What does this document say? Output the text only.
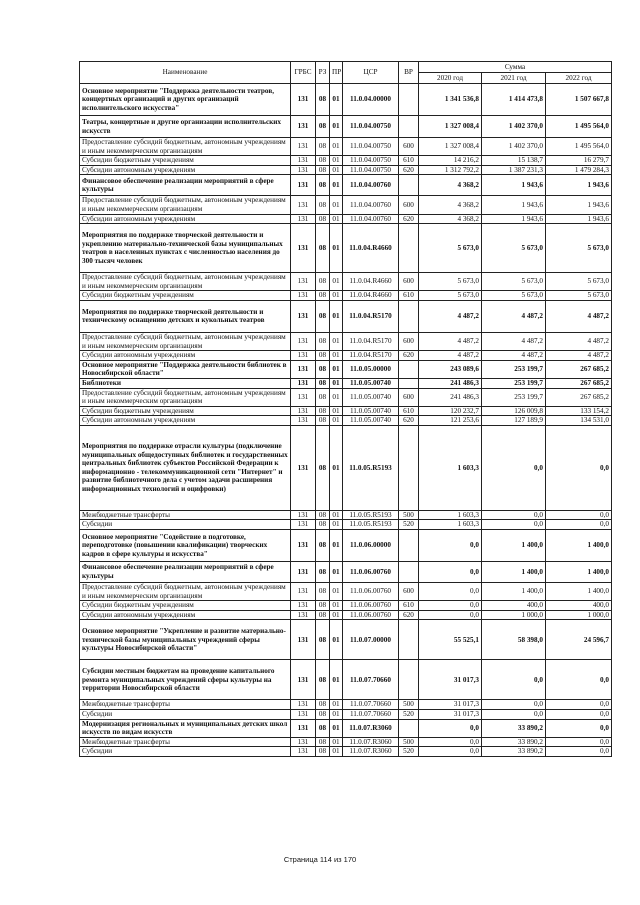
Наименование	ГРБС	РЗ	ПР	ЦСР	ВР	Сумма		
						2020 год	2021 год	2022 год
Основное мероприятие "Поддержка деятельности театров, концертных организаций и других организаций исполнительского искусства"	131	08	01	11.0.04.00000		1 341 536,8	1 414 473,8	1 507 667,8
Театры, концертные и другие организации исполнительских искусств	131	08	01	11.0.04.00750		1 327 008,4	1 402 370,0	1 495 564,0
Предоставление субсидий бюджетным, автономным учреждениям и иным некоммерческим организациям	131	08	01	11.0.04.00750	600	1 327 008,4	1 402 370,0	1 495 564,0
Субсидии бюджетным учреждениям	131	08	01	11.0.04.00750	610	14 216,2	15 138,7	16 279,7
Субсидии автономным учреждениям	131	08	01	11.0.04.00750	620	1 312 792,2	1 387 231,3	1 479 284,3
Финансовое обеспечение реализации мероприятий в сфере культуры	131	08	01	11.0.04.00760		4 368,2	1 943,6	1 943,6
Предоставление субсидий бюджетным, автономным учреждениям и иным некоммерческим организациям	131	08	01	11.0.04.00760	600	4 368,2	1 943,6	1 943,6
Субсидии автономным учреждениям	131	08	01	11.0.04.00760	620	4 368,2	1 943,6	1 943,6
Мероприятия по поддержке творческой деятельности и укреплению материально-технической базы муниципальных театров в населенных пунктах с численностью населения до 300 тысяч человек	131	08	01	11.0.04.R4660		5 673,0	5 673,0	5 673,0
Предоставление субсидий бюджетным, автономным учреждениям и иным некоммерческим организациям	131	08	01	11.0.04.R4660	600	5 673,0	5 673,0	5 673,0
Субсидии бюджетным учреждениям	131	08	01	11.0.04.R4660	610	5 673,0	5 673,0	5 673,0
Мероприятия по поддержке творческой деятельности и техническому оснащению детских и кукольных театров	131	08	01	11.0.04.R5170		4 487,2	4 487,2	4 487,2
Предоставление субсидий бюджетным, автономным учреждениям и иным некоммерческим организациям	131	08	01	11.0.04.R5170	600	4 487,2	4 487,2	4 487,2
Субсидии автономным учреждениям	131	08	01	11.0.04.R5170	620	4 487,2	4 487,2	4 487,2
Основное мероприятие "Поддержка деятельности библиотек в Новосибирской области"	131	08	01	11.0.05.00000		243 089,6	253 199,7	267 685,2
Библиотеки	131	08	01	11.0.05.00740		241 486,3	253 199,7	267 685,2
Предоставление субсидий бюджетным, автономным учреждениям и иным некоммерческим организациям	131	08	01	11.0.05.00740	600	241 486,3	253 199,7	267 685,2
Субсидии бюджетным учреждениям	131	08	01	11.0.05.00740	610	120 232,7	126 009,8	133 154,2
Субсидии автономным учреждениям	131	08	01	11.0.05.00740	620	121 253,6	127 189,9	134 531,0
Мероприятия по поддержке отрасли культуры (подключение муниципальных общедоступных библиотек и государственных центральных библиотек субъектов Российской Федерации к информационно - телекоммуникационной сети "Интернет" и развитие библиотечного дела с учетом задачи расширения информационных технологий и оцифровки)	131	08	01	11.0.05.R5193		1 603,3	0,0	0,0
Межбюджетные трансферты	131	08	01	11.0.05.R5193	500	1 603,3	0,0	0,0
Субсидии	131	08	01	11.0.05.R5193	520	1 603,3	0,0	0,0
Основное мероприятие "Содействие в подготовке, переподготовке (повышении квалификации) творческих кадров в сфере культуры и искусства"	131	08	01	11.0.06.00000		0,0	1 400,0	1 400,0
Финансовое обеспечение реализации мероприятий в сфере культуры	131	08	01	11.0.06.00760		0,0	1 400,0	1 400,0
Предоставление субсидий бюджетным, автономным учреждениям и иным некоммерческим организациям	131	08	01	11.0.06.00760	600	0,0	1 400,0	1 400,0
Субсидии бюджетным учреждениям	131	08	01	11.0.06.00760	610	0,0	400,0	400,0
Субсидии автономным учреждениям	131	08	01	11.0.06.00760	620	0,0	1 000,0	1 000,0
Основное мероприятие "Укрепление и развитие материально-технической базы муниципальных учреждений сферы культуры Новосибирской области"	131	08	01	11.0.07.00000		55 525,1	58 398,0	24 596,7
Субсидии местным бюджетам на проведение капитального ремонта муниципальных учреждений сферы культуры на территории Новосибирской области	131	08	01	11.0.07.70660		31 017,3	0,0	0,0
Межбюджетные трансферты	131	08	01	11.0.07.70660	500	31 017,3	0,0	0,0
Субсидии	131	08	01	11.0.07.70660	520	31 017,3	0,0	0,0
Модернизация региональных и муниципальных детских школ искусств по видам искусств	131	08	01	11.0.07.R3060		0,0	33 890,2	0,0
Межбюджетные трансферты	131	08	01	11.0.07.R3060	500	0,0	33 890,2	0,0
Субсидии	131	08	01	11.0.07.R3060	520	0,0	33 890,2	0,0
Страница 114 из 170
